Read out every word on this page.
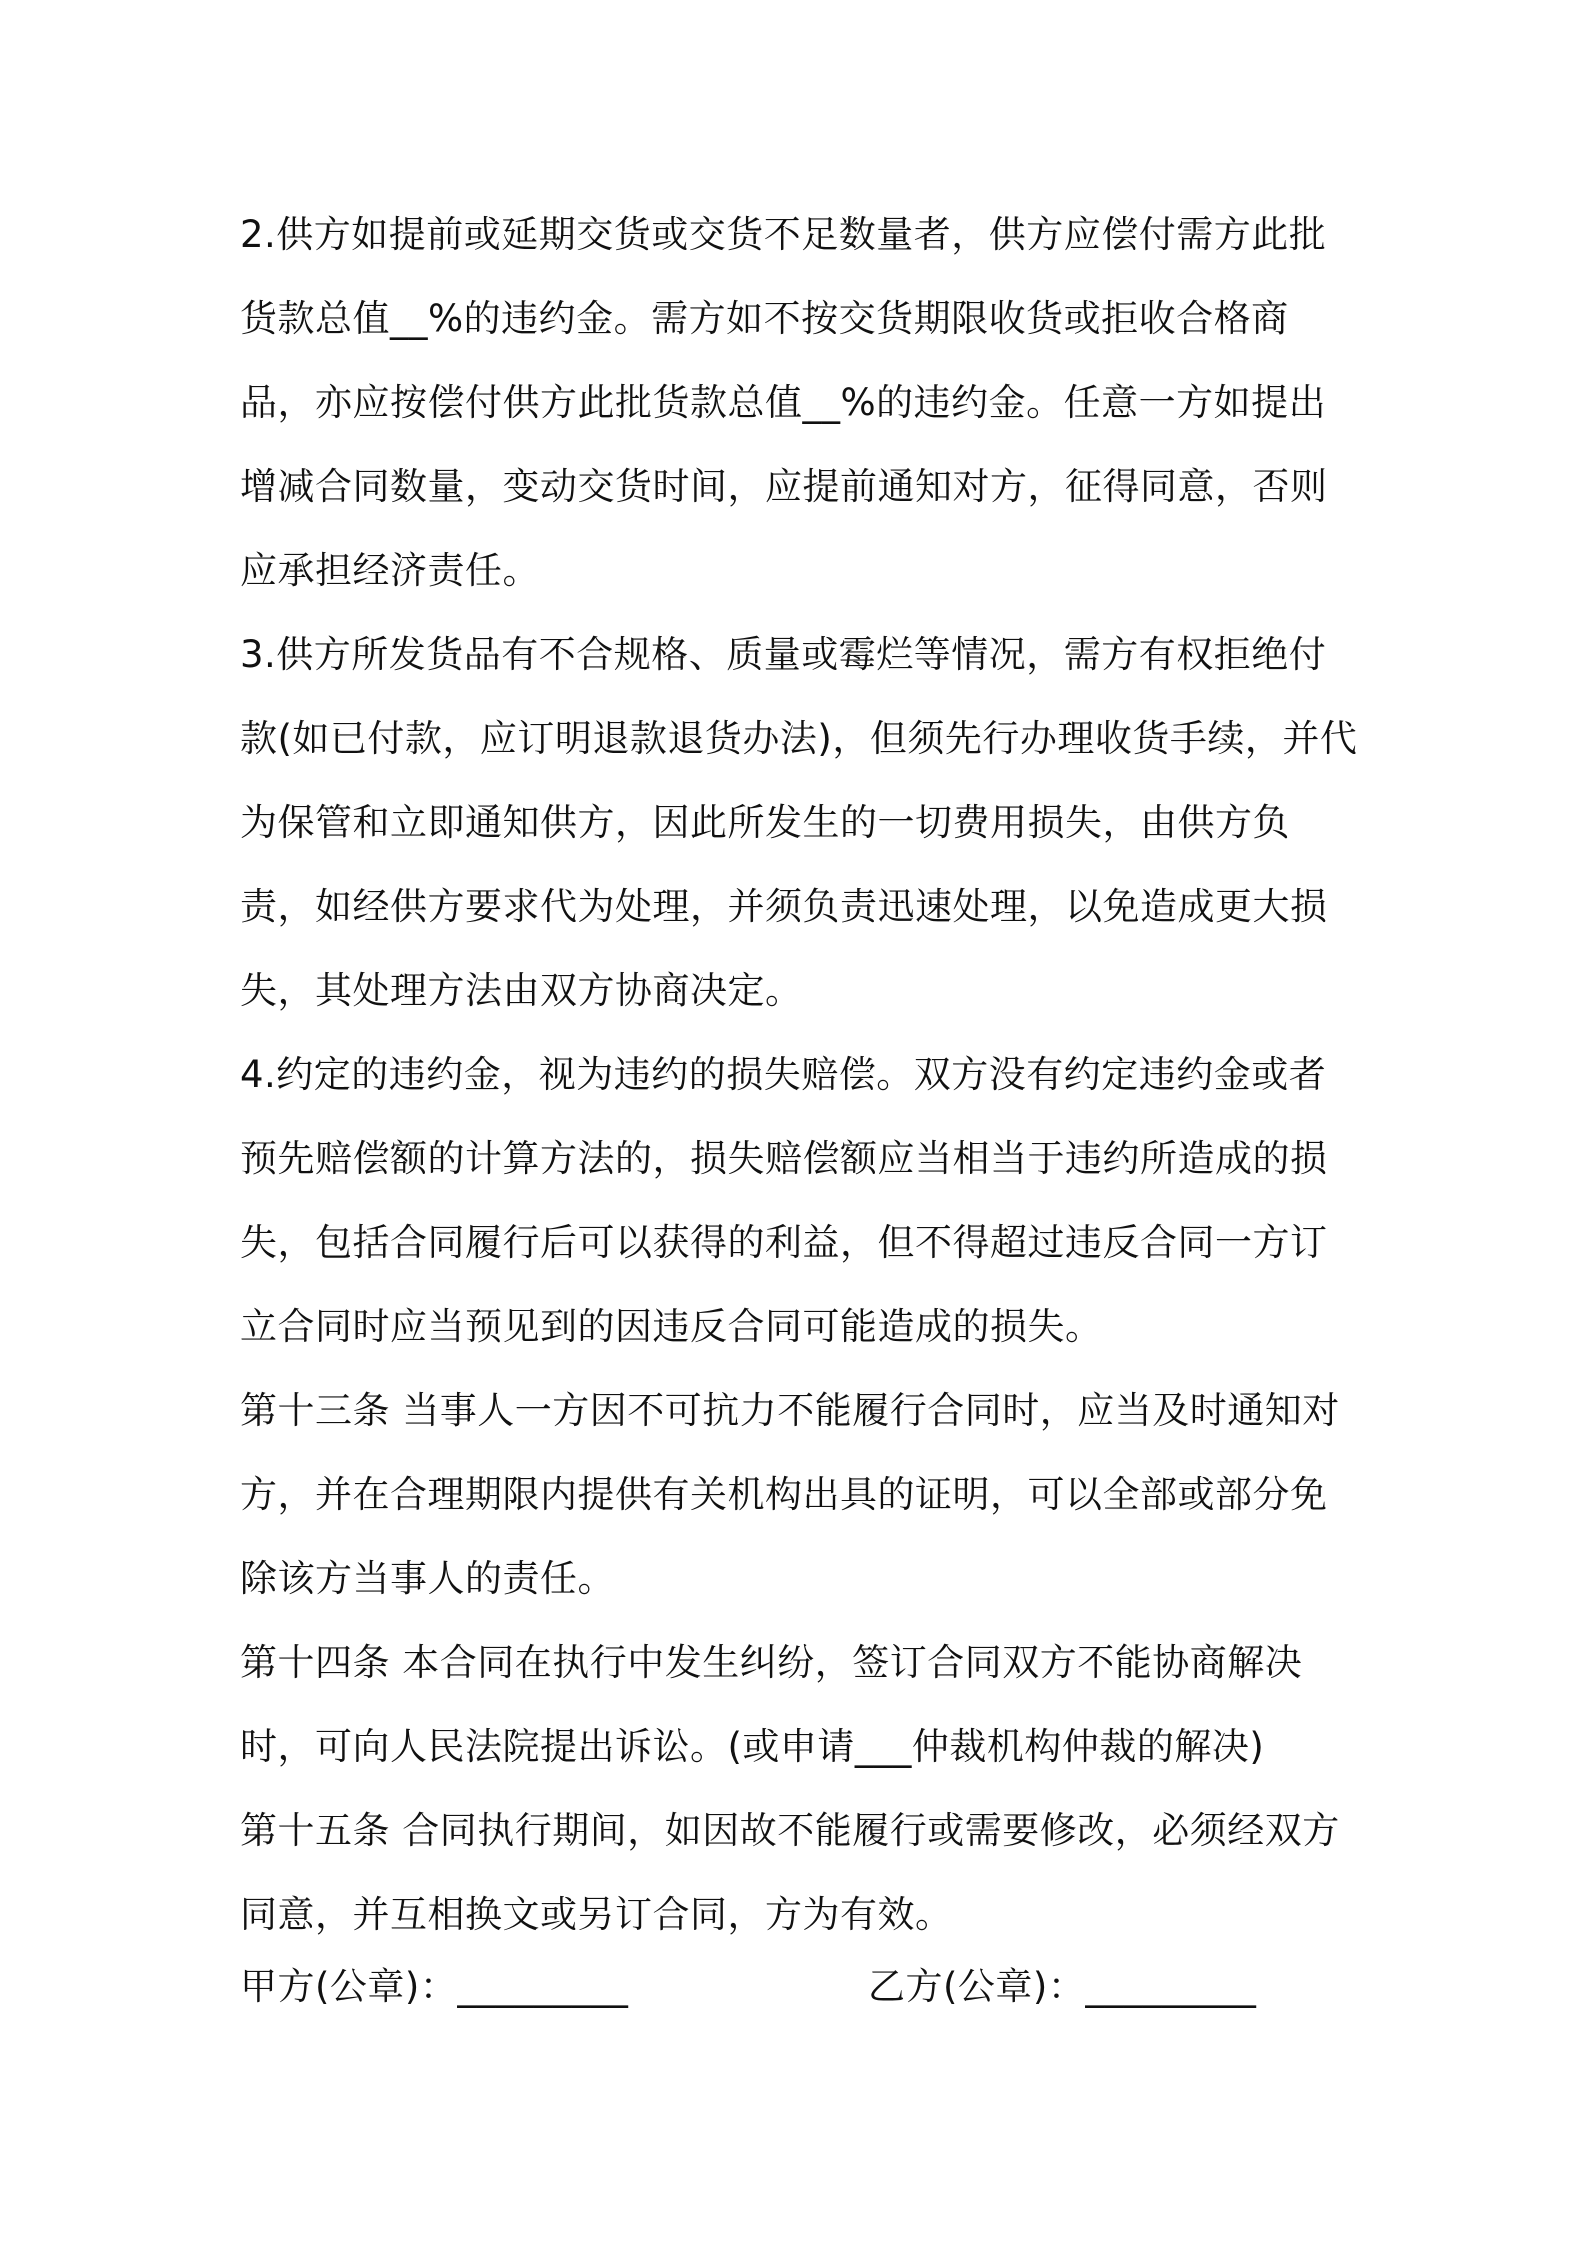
2.供方如提前或延期交货或交货不足数量者，供方应偿付需方此批货款总值__%的违约金。需方如不按交货期限收货或拒收合格商品，亦应按偿付供方此批货款总值__%的违约金。任意一方如提出增减合同数量，变动交货时间，应提前通知对方，征得同意，否则应承担经济责任。

3.供方所发货品有不合规格、质量或霉烂等情况，需方有权拒绝付款(如已付款，应订明退款退货办法)，但须先行办理收货手续，并代为保管和立即通知供方，因此所发生的一切费用损失，由供方负责，如经供方要求代为处理，并须负责迅速处理，以免造成更大损失，其处理方法由双方协商决定。

4.约定的违约金，视为违约的损失赔偿。双方没有约定违约金或者预先赔偿额的计算方法的，损失赔偿额应当相当于违约所造成的损失，包括合同履行后可以获得的利益，但不得超过违反合同一方订立合同时应当预见到的因违反合同可能造成的损失。

第十三条 当事人一方因不可抗力不能履行合同时，应当及时通知对方，并在合理期限内提供有关机构出具的证明，可以全部或部分免除该方当事人的责任。

第十四条 本合同在执行中发生纠纷，签订合同双方不能协商解决时，可向人民法院提出诉讼。(或申请___仲裁机构仲裁的解决)

第十五条 合同执行期间，如因故不能履行或需要修改，必须经双方同意，并互相换文或另订合同，方为有效。

甲方(公章)：_________	乙方(公章)：_________
